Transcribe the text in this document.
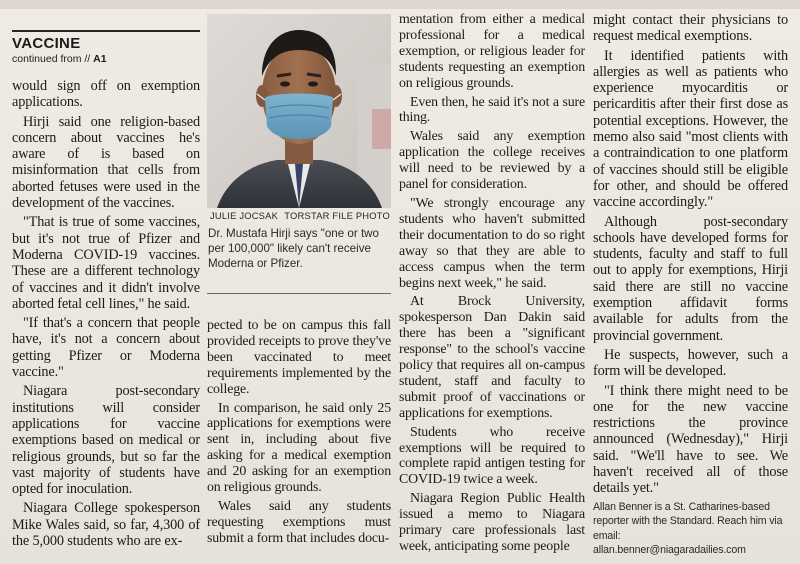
VACCINE
continued from // A1

would sign off on exemption applications.

Hirji said one religion-based concern about vaccines he's aware of is based on misinformation that cells from aborted fetuses were used in the development of the vaccines.

"That is true of some vaccines, but it's not true of Pfizer and Moderna COVID-19 vaccines. These are a different technology of vaccines and it didn't involve aborted fetal cell lines," he said.

"If that's a concern that people have, it's not a concern about getting Pfizer or Moderna vaccine."

Niagara post-secondary institutions will consider applications for vaccine exemptions based on medical or religious grounds, but so far the vast majority of students have opted for inoculation.

Niagara College spokesperson Mike Wales said, so far, 4,300 of the 5,000 students who are ex-

JULIE JOCSAK TORSTAR FILE PHOTO
Dr. Mustafa Hirji says "one or two per 100,000" likely can't receive Moderna or Pfizer.

pected to be on campus this fall provided receipts to prove they've been vaccinated to meet requirements implemented by the college.

In comparison, he said only 25 applications for exemptions were sent in, including about five asking for a medical exemption and 20 asking for an exemption on religious grounds.

Wales said any students requesting exemptions must submit a form that includes docu-

mentation from either a medical professional for a medical exemption, or religious leader for students requesting an exemption on religious grounds.

Even then, he said it's not a sure thing.

Wales said any exemption application the college receives will need to be reviewed by a panel for consideration.

"We strongly encourage any students who haven't submitted their documentation to do so right away so that they are able to access campus when the term begins next week," he said.

At Brock University, spokesperson Dan Dakin said there has been a "significant response" to the school's vaccine policy that requires all on-campus student, staff and faculty to submit proof of vaccinations or applications for exemptions.

Students who receive exemptions will be required to complete rapid antigen testing for COVID-19 twice a week.

Niagara Region Public Health issued a memo to Niagara primary care professionals last week, anticipating some people

might contact their physicians to request medical exemptions.

It identified patients with allergies as well as patients who experience myocarditis or pericarditis after their first dose as potential exceptions. However, the memo also said "most clients with a contraindication to one platform of vaccines should still be eligible for other, and should be offered vaccine accordingly."

Although post-secondary schools have developed forms for students, faculty and staff to full out to apply for exemptions, Hirji said there are still no vaccine exemption affidavit forms available for adults from the provincial government.

He suspects, however, such a form will be developed.

"I think there might need to be one for the new vaccine restrictions the province announced (Wednesday)," Hirji said. "We'll have to see. We haven't received all of those details yet."

Allan Benner is a St. Catharines-based reporter with the Standard. Reach him via email:
allan.benner@niagaradailies.com
